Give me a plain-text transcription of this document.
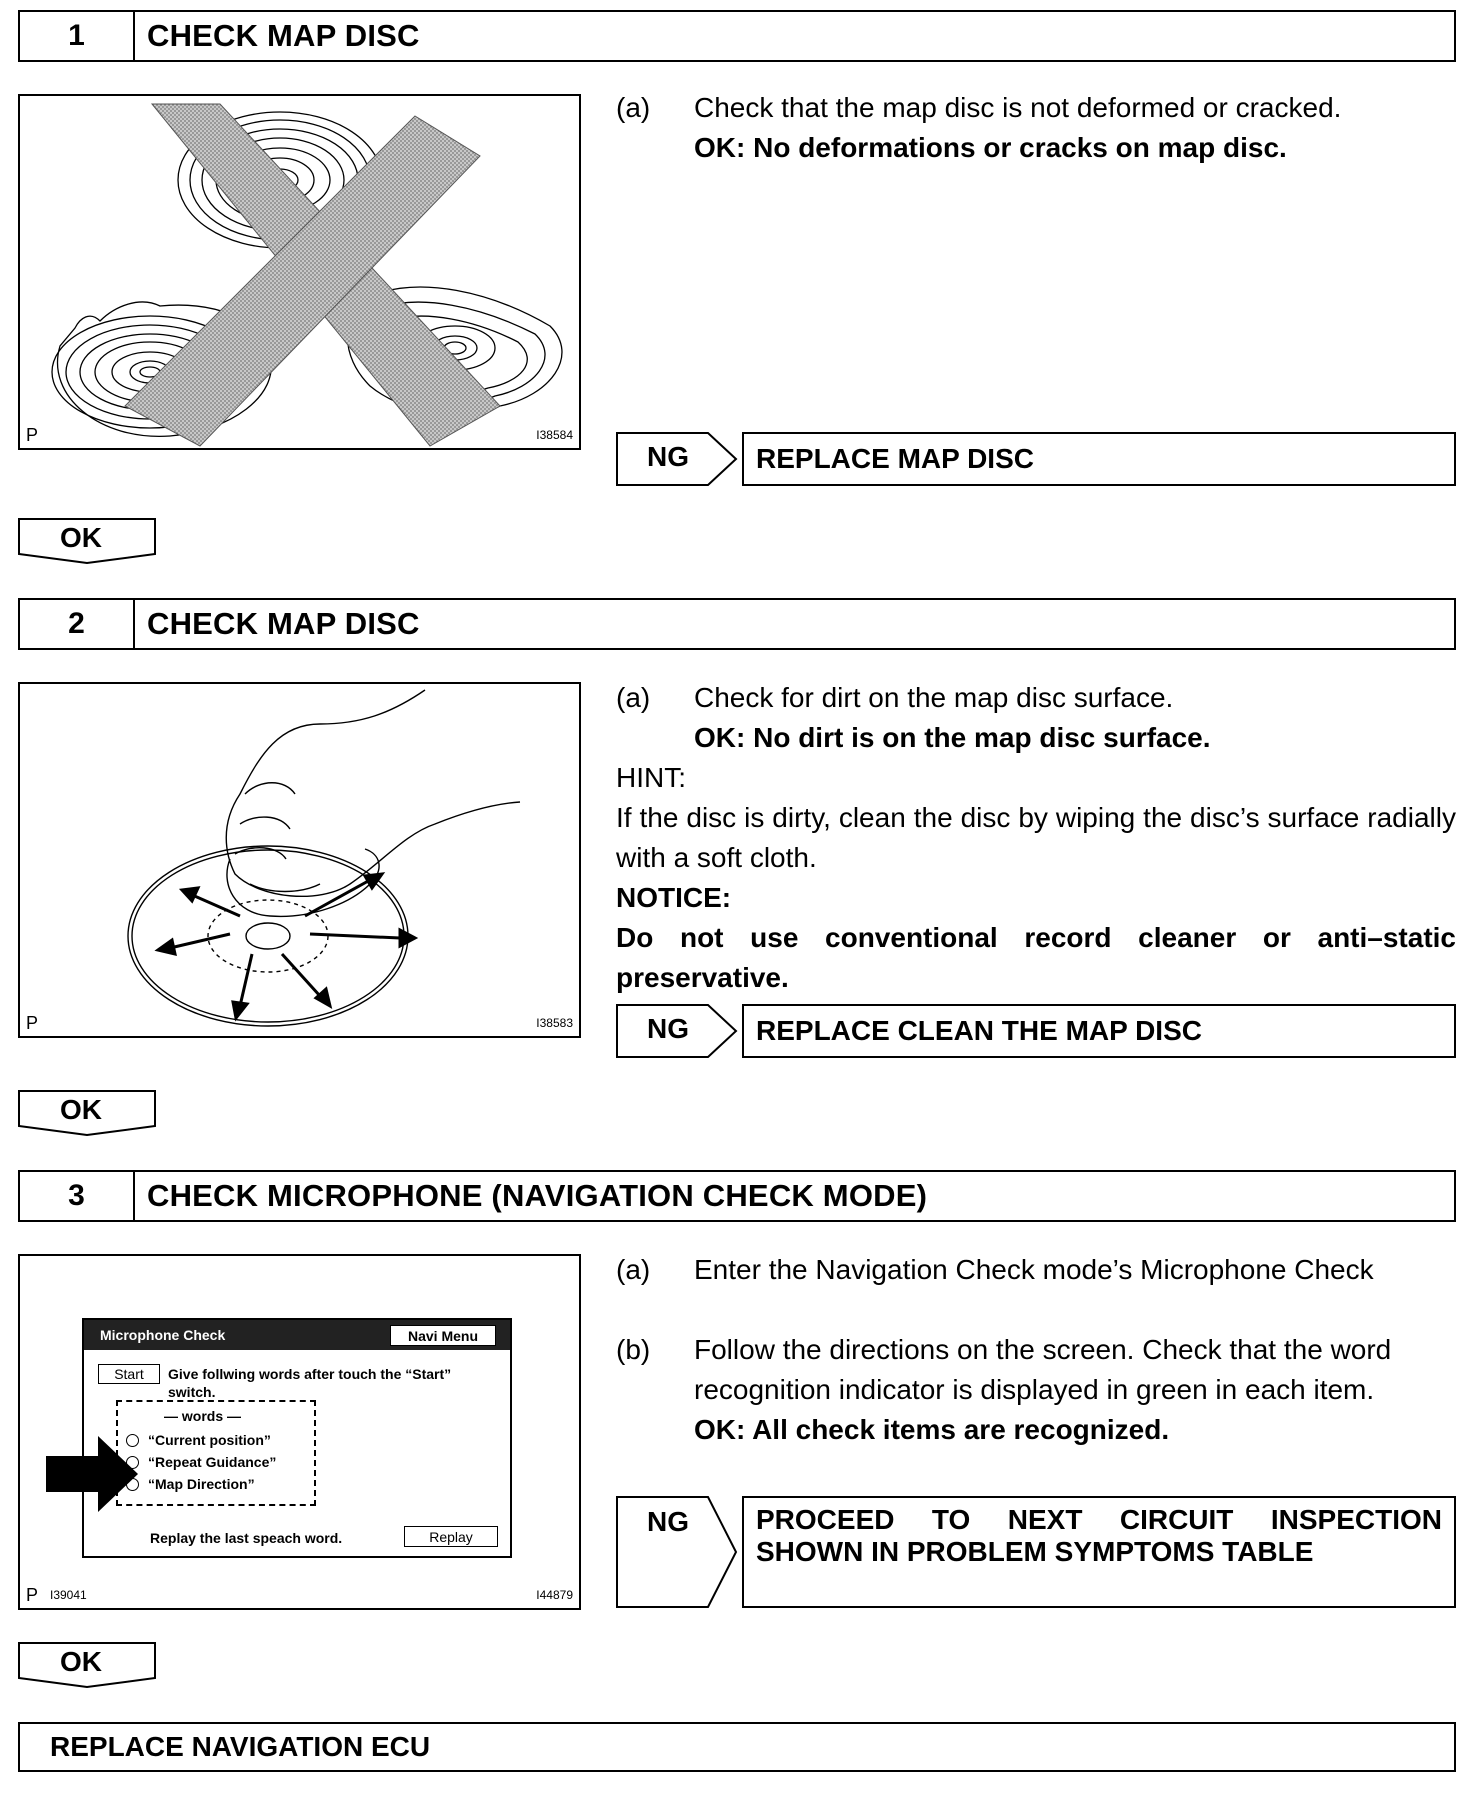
1	CHECK MAP DISC
P	I38584
(a) Check that the map disc is not deformed or cracked.
OK: No deformations or cracks on map disc.
NG REPLACE MAP DISC
OK
2	CHECK MAP DISC
P	I38583
(a) Check for dirt on the map disc surface.
OK: No dirt is on the map disc surface.
HINT:
If the disc is dirty, clean the disc by wiping the disc’s surface radially with a soft cloth.
NOTICE:
Do not use conventional record cleaner or anti–static preservative.
NG REPLACE CLEAN THE MAP DISC
OK
3	CHECK MICROPHONE (NAVIGATION CHECK MODE)
Microphone Check	Navi Menu
Start Give follwing words after touch the “Start”
switch.
— words —
“Current position”
“Repeat Guidance”
“Map Direction”
Replay the last speach word.	Replay
P I39041	I44879
(a) Enter the Navigation Check mode’s Microphone Check
(b)	Follow the directions on the screen. Check that the word recognition indicator is displayed in green in each item.
OK: All check items are recognized.
NG PROCEED TO NEXT CIRCUIT INSPECTION
SHOWN IN PROBLEM SYMPTOMS TABLE
OK
REPLACE NAVIGATION ECU
